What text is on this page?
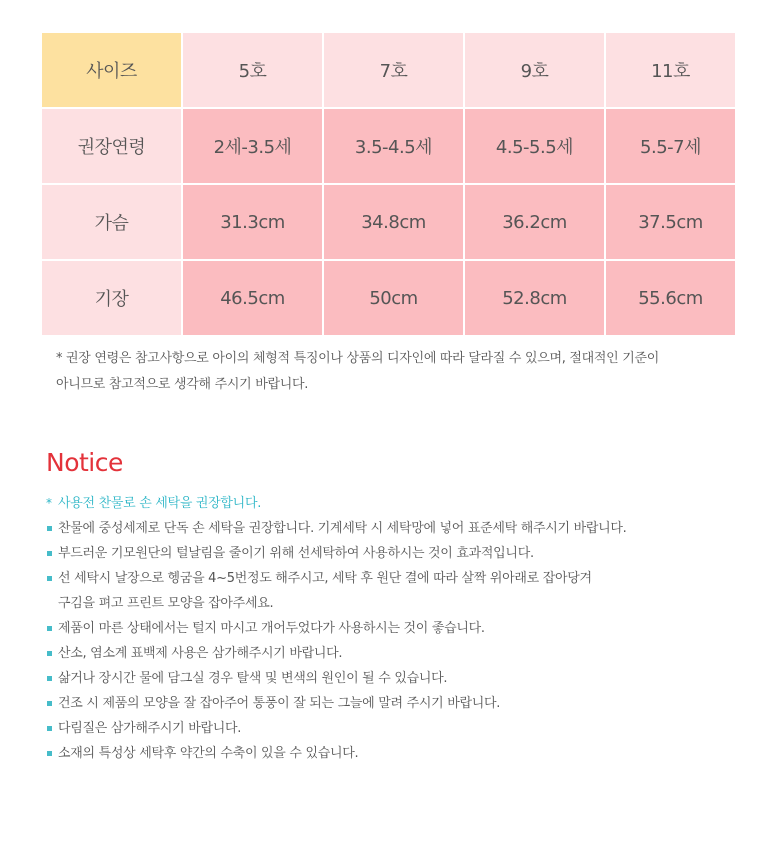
사이즈	5호	7호	9호	11호
권장연령	2세-3.5세	3.5-4.5세	4.5-5.5세	5.5-7세
가슴	31.3cm	34.8cm	36.2cm	37.5cm
기장	46.5cm	50cm	52.8cm	55.6cm
* 권장 연령은 참고사항으로 아이의 체형적 특징이나 상품의 디자인에 따라 달라질 수 있으며, 절대적인 기준이
아니므로 참고적으로 생각해 주시기 바랍니다.
Notice
* 사용전 찬물로 손 세탁을 권장합니다.
찬물에 중성세제로 단독 손 세탁을 권장합니다. 기계세탁 시 세탁망에 넣어 표준세탁 해주시기 바랍니다.
부드러운 기모원단의 털날림을 줄이기 위해 선세탁하여 사용하시는 것이 효과적입니다.
선 세탁시 날장으로 헹굼을 4~5번정도 해주시고, 세탁 후 원단 결에 따라 살짝 위아래로 잡아당겨
구김을 펴고 프린트 모양을 잡아주세요.
제품이 마른 상태에서는 털지 마시고 개어두었다가 사용하시는 것이 좋습니다.
산소, 염소계 표백제 사용은 삼가해주시기 바랍니다.
삶거나 장시간 물에 담그실 경우 탈색 및 변색의 원인이 될 수 있습니다.
건조 시 제품의 모양을 잘 잡아주어 통풍이 잘 되는 그늘에 말려 주시기 바랍니다.
다림질은 삼가해주시기 바랍니다.
소재의 특성상 세탁후 약간의 수축이 있을 수 있습니다.
